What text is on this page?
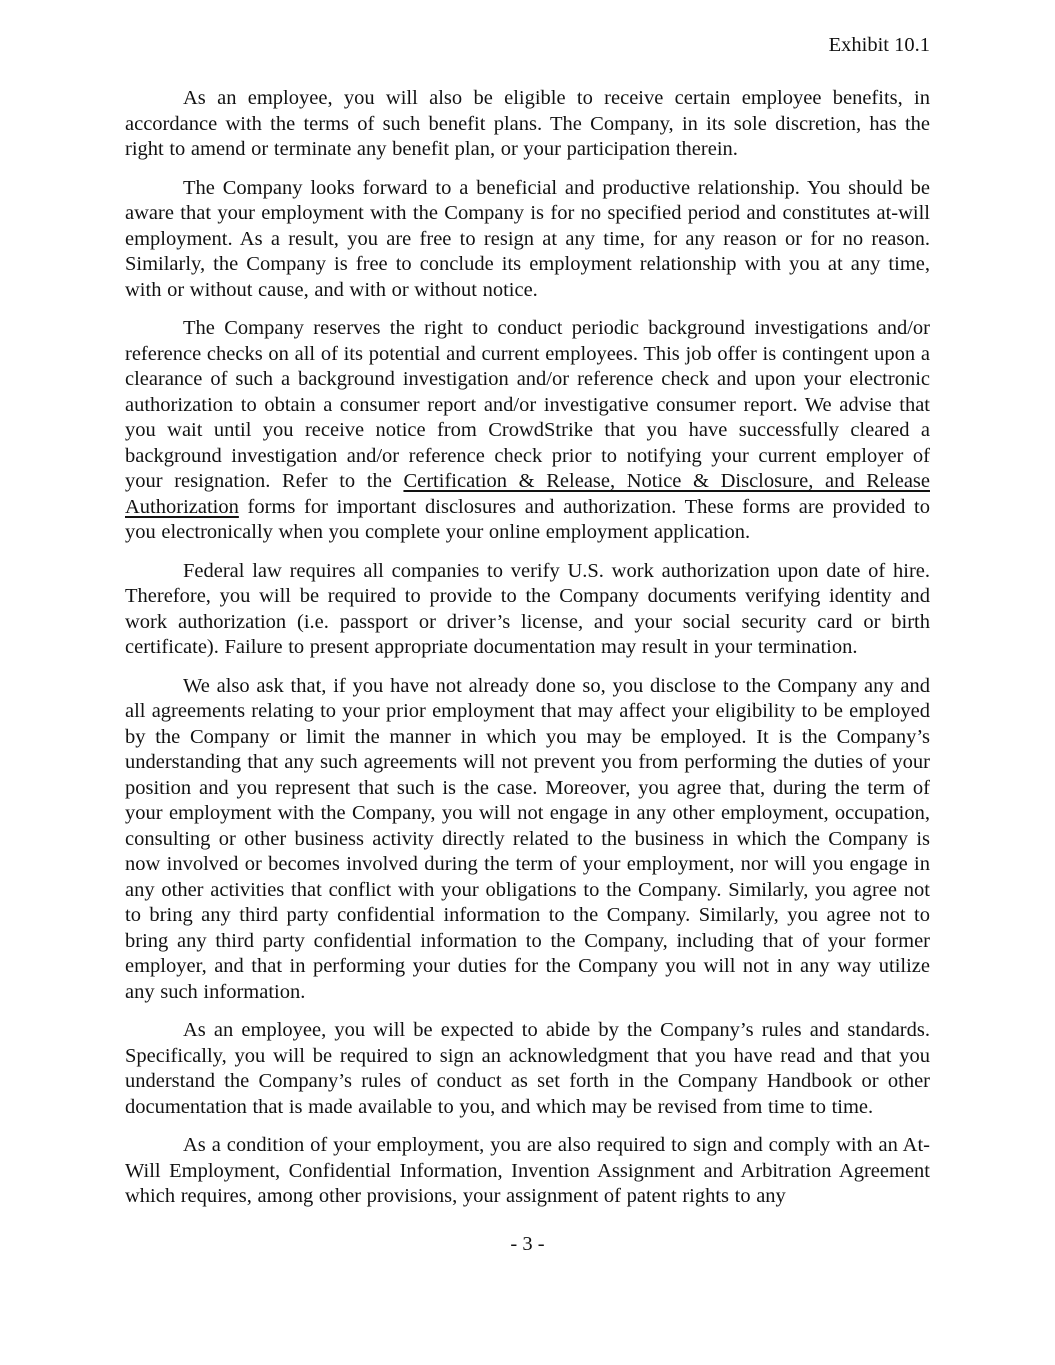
Exhibit 10.1

As an employee, you will also be eligible to receive certain employee benefits, in accordance with the terms of such benefit plans. The Company, in its sole discretion, has the right to amend or terminate any benefit plan, or your participation therein.

The Company looks forward to a beneficial and productive relationship. You should be aware that your employment with the Company is for no specified period and constitutes at-will employment. As a result, you are free to resign at any time, for any reason or for no reason. Similarly, the Company is free to conclude its employment relationship with you at any time, with or without cause, and with or without notice.

The Company reserves the right to conduct periodic background investigations and/or reference checks on all of its potential and current employees. This job offer is contingent upon a clearance of such a background investigation and/or reference check and upon your electronic authorization to obtain a consumer report and/or investigative consumer report. We advise that you wait until you receive notice from CrowdStrike that you have successfully cleared a background investigation and/or reference check prior to notifying your current employer of your resignation. Refer to the Certification & Release, Notice & Disclosure, and Release Authorization forms for important disclosures and authorization. These forms are provided to you electronically when you complete your online employment application.

Federal law requires all companies to verify U.S. work authorization upon date of hire. Therefore, you will be required to provide to the Company documents verifying identity and work authorization (i.e. passport or driver’s license, and your social security card or birth certificate). Failure to present appropriate documentation may result in your termination.

We also ask that, if you have not already done so, you disclose to the Company any and all agreements relating to your prior employment that may affect your eligibility to be employed by the Company or limit the manner in which you may be employed. It is the Company’s understanding that any such agreements will not prevent you from performing the duties of your position and you represent that such is the case. Moreover, you agree that, during the term of your employment with the Company, you will not engage in any other employment, occupation, consulting or other business activity directly related to the business in which the Company is now involved or becomes involved during the term of your employment, nor will you engage in any other activities that conflict with your obligations to the Company. Similarly, you agree not to bring any third party confidential information to the Company. Similarly, you agree not to bring any third party confidential information to the Company, including that of your former employer, and that in performing your duties for the Company you will not in any way utilize any such information.

As an employee, you will be expected to abide by the Company’s rules and standards. Specifically, you will be required to sign an acknowledgment that you have read and that you understand the Company’s rules of conduct as set forth in the Company Handbook or other documentation that is made available to you, and which may be revised from time to time.

As a condition of your employment, you are also required to sign and comply with an At-Will Employment, Confidential Information, Invention Assignment and Arbitration Agreement which requires, among other provisions, your assignment of patent rights to any

- 3 -
